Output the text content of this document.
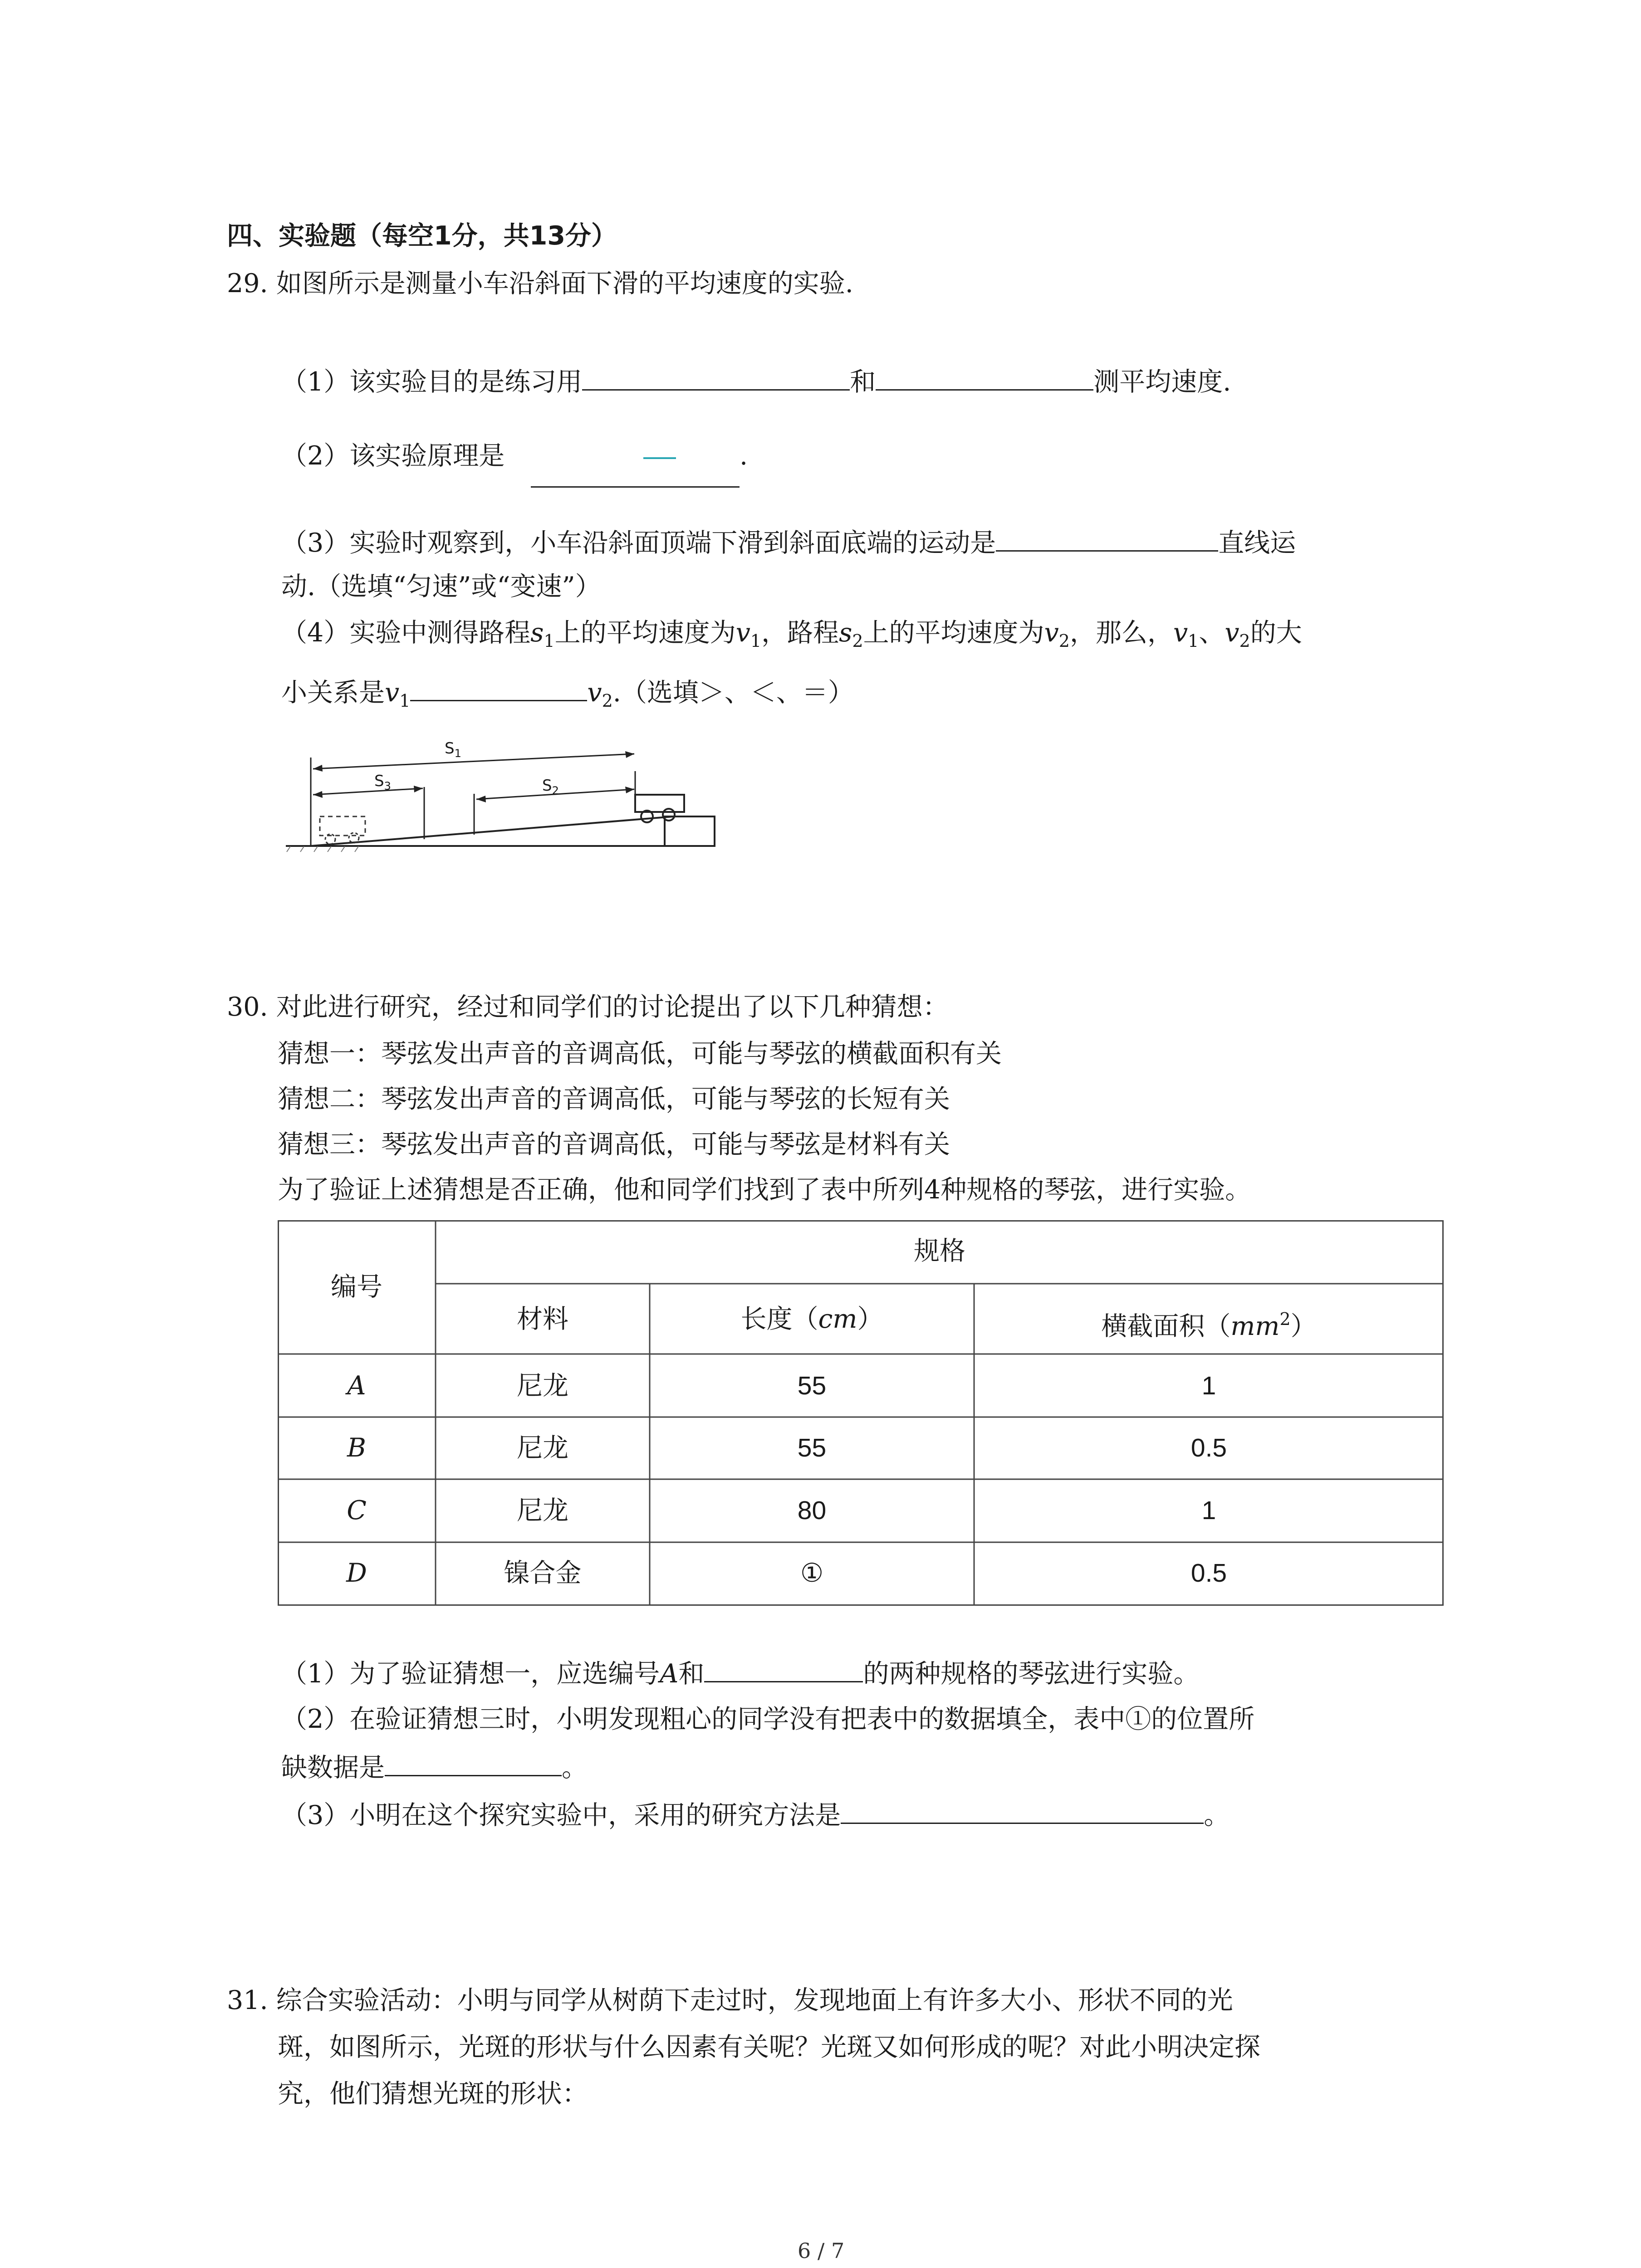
四、实验题（每空1分，共13分）
29. 如图所示是测量小车沿斜面下滑的平均速度的实验.
（1）该实验目的是练习用	和	测平均速度.
（2）该实验原理是	.
（3）实验时观察到，小车沿斜面顶端下滑到斜面底端的运动是	直线运
动.（选填“匀速”或“变速”）
（4）实验中测得路程$s_1$上的平均速度为$v_1$，路程$s_2$上的平均速度为$v_2$，那么，$v_1$、$v_2$的大
小关系是$v_1$	$v_2$.（选填＞、＜、＝）
$S_1$
$S_3$	$S_2$
30. 对此进行研究，经过和同学们的讨论提出了以下几种猜想：
猜想一：琴弦发出声音的音调高低，可能与琴弦的横截面积有关
猜想二：琴弦发出声音的音调高低，可能与琴弦的长短有关
猜想三：琴弦发出声音的音调高低，可能与琴弦是材料有关
为了验证上述猜想是否正确，他和同学们找到了表中所列4种规格的琴弦，进行实验。
编号
规格
材料	长度（cm）	横截面积$(mm^2)$
A	尼龙	55	1
B	尼龙	55	0.5
C	尼龙	80	1
D	镍合金	①	0.5
（1）为了验证猜想一，应选编号A和	的两种规格的琴弦进行实验。
（2）在验证猜想三时，小明发现粗心的同学没有把表中的数据填全，表中①的位置所
缺数据是	。
（3）小明在这个探究实验中，采用的研究方法是	。
31. 综合实验活动：小明与同学从树荫下走过时，发现地面上有许多大小、形状不同的光
斑，如图所示，光斑的形状与什么因素有关呢？光斑又如何形成的呢？对此小明决定探
究，他们猜想光斑的形状：
6 / 7
